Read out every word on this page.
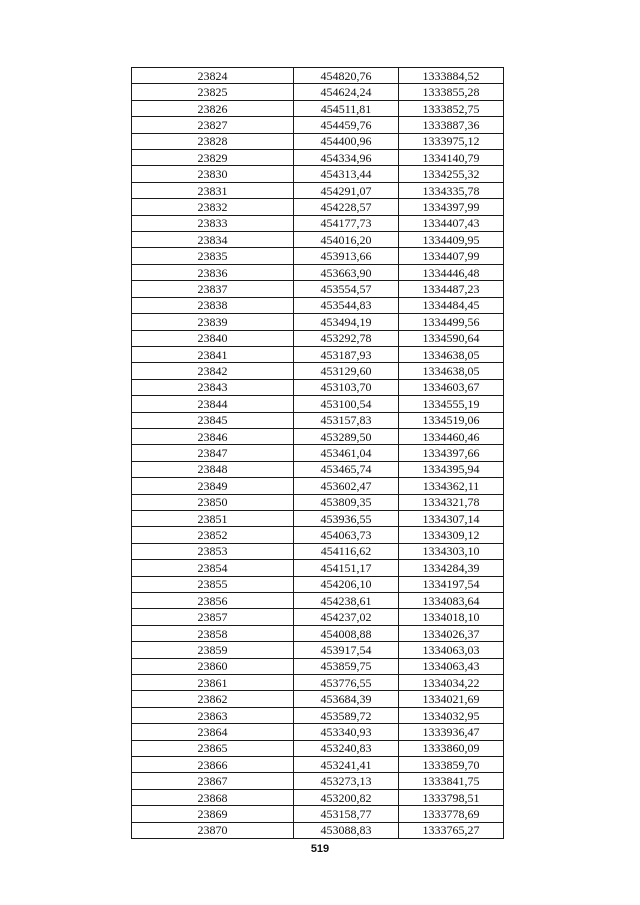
23824	454820,76	1333884,52
23825	454624,24	1333855,28
23826	454511,81	1333852,75
23827	454459,76	1333887,36
23828	454400,96	1333975,12
23829	454334,96	1334140,79
23830	454313,44	1334255,32
23831	454291,07	1334335,78
23832	454228,57	1334397,99
23833	454177,73	1334407,43
23834	454016,20	1334409,95
23835	453913,66	1334407,99
23836	453663,90	1334446,48
23837	453554,57	1334487,23
23838	453544,83	1334484,45
23839	453494,19	1334499,56
23840	453292,78	1334590,64
23841	453187,93	1334638,05
23842	453129,60	1334638,05
23843	453103,70	1334603,67
23844	453100,54	1334555,19
23845	453157,83	1334519,06
23846	453289,50	1334460,46
23847	453461,04	1334397,66
23848	453465,74	1334395,94
23849	453602,47	1334362,11
23850	453809,35	1334321,78
23851	453936,55	1334307,14
23852	454063,73	1334309,12
23853	454116,62	1334303,10
23854	454151,17	1334284,39
23855	454206,10	1334197,54
23856	454238,61	1334083,64
23857	454237,02	1334018,10
23858	454008,88	1334026,37
23859	453917,54	1334063,03
23860	453859,75	1334063,43
23861	453776,55	1334034,22
23862	453684,39	1334021,69
23863	453589,72	1334032,95
23864	453340,93	1333936,47
23865	453240,83	1333860,09
23866	453241,41	1333859,70
23867	453273,13	1333841,75
23868	453200,82	1333798,51
23869	453158,77	1333778,69
23870	453088,83	1333765,27
519
